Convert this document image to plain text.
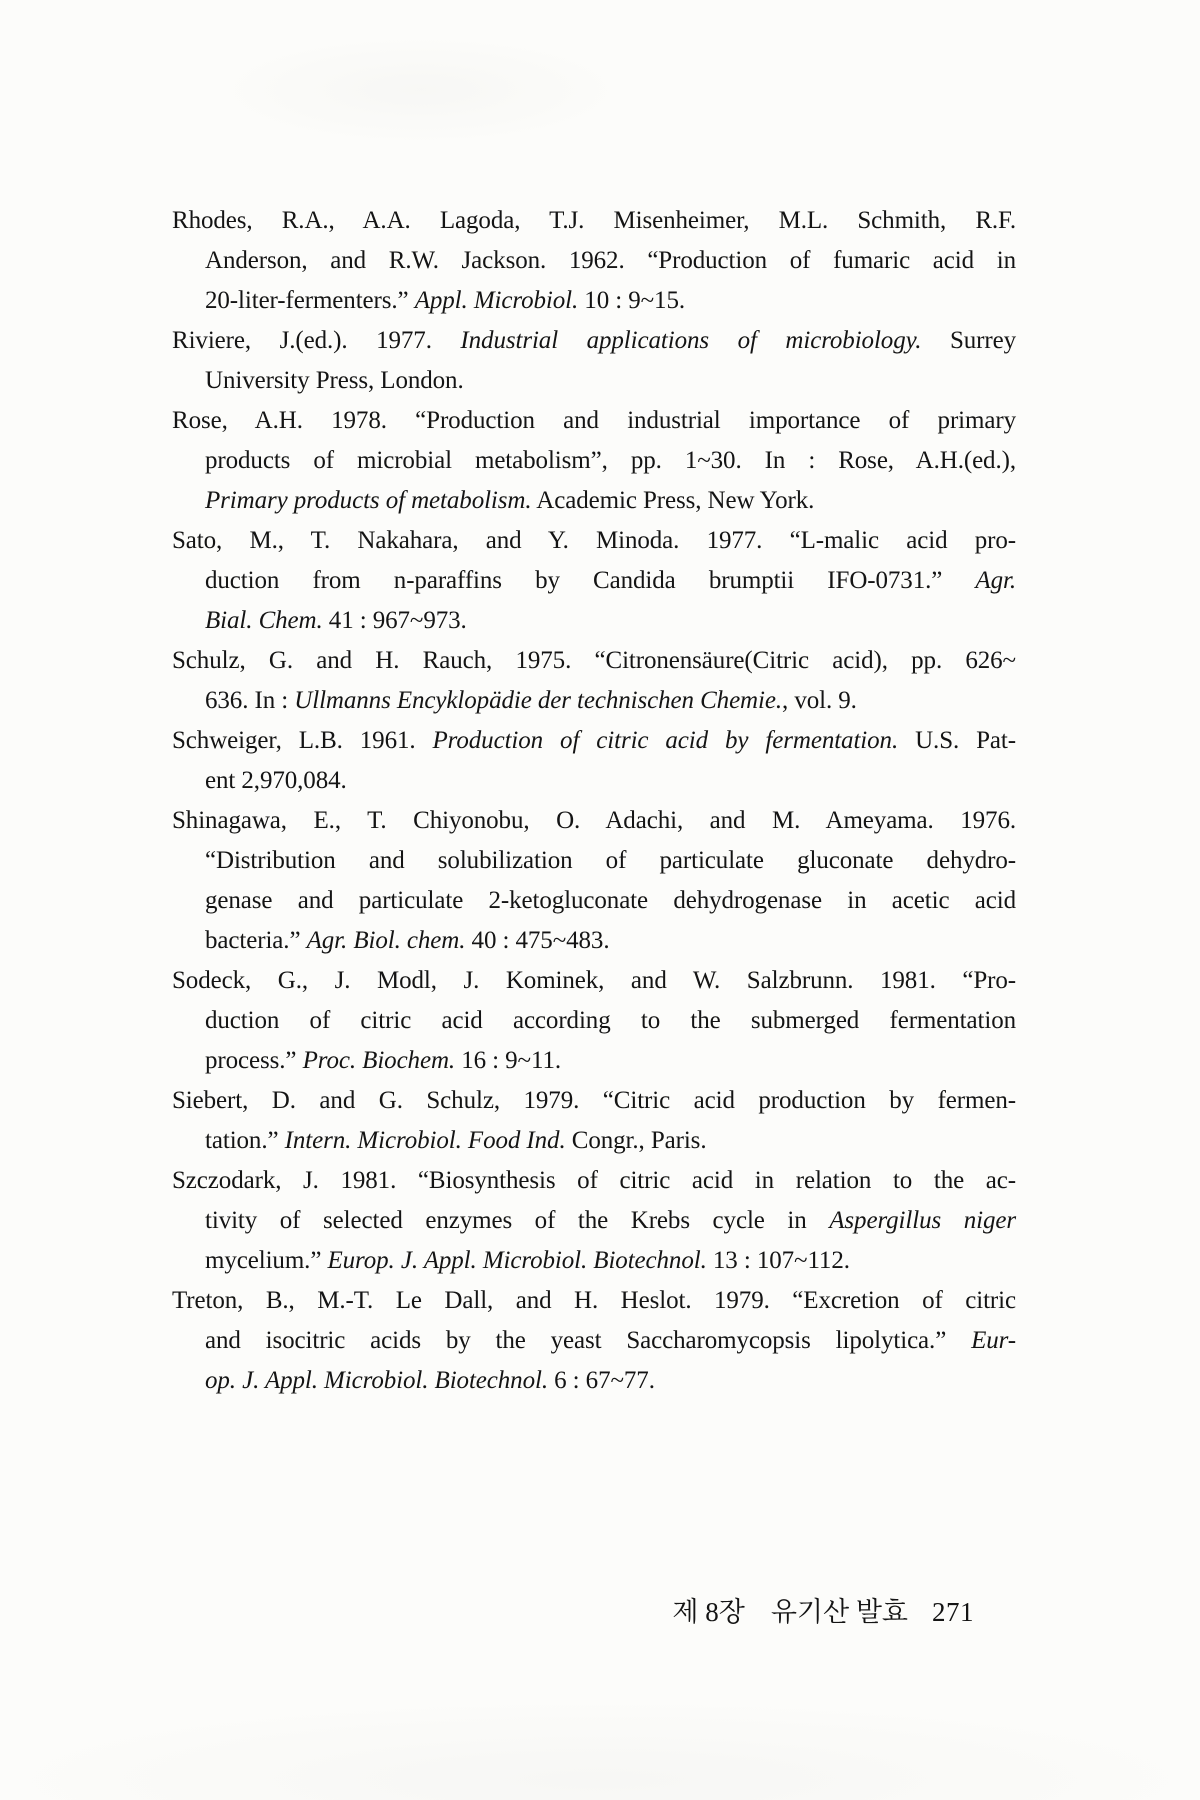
Rhodes, R.A., A.A. Lagoda, T.J. Misenheimer, M.L. Schmith, R.F.
Anderson, and R.W. Jackson. 1962. “Production of fumaric acid in
20-liter-fermenters.” Appl. Microbiol. 10 : 9~15.
Riviere, J.(ed.). 1977. Industrial applications of microbiology. Surrey
University Press, London.
Rose, A.H. 1978. “Production and industrial importance of primary
products of microbial metabolism”, pp. 1~30. In : Rose, A.H.(ed.),
Primary products of metabolism. Academic Press, New York.
Sato, M., T. Nakahara, and Y. Minoda. 1977. “L-malic acid pro-
duction from n-paraffins by Candida brumptii IFO-0731.” Agr.
Bial. Chem. 41 : 967~973.
Schulz, G. and H. Rauch, 1975. “Citronensäure(Citric acid), pp. 626~
636. In : Ullmanns Encyklopädie der technischen Chemie., vol. 9.
Schweiger, L.B. 1961. Production of citric acid by fermentation. U.S. Pat-
ent 2,970,084.
Shinagawa, E., T. Chiyonobu, O. Adachi, and M. Ameyama. 1976.
“Distribution and solubilization of particulate gluconate dehydro-
genase and particulate 2-ketogluconate dehydrogenase in acetic acid
bacteria.” Agr. Biol. chem. 40 : 475~483.
Sodeck, G., J. Modl, J. Kominek, and W. Salzbrunn. 1981. “Pro-
duction of citric acid according to the submerged fermentation
process.” Proc. Biochem. 16 : 9~11.
Siebert, D. and G. Schulz, 1979. “Citric acid production by fermen-
tation.” Intern. Microbiol. Food Ind. Congr., Paris.
Szczodark, J. 1981. “Biosynthesis of citric acid in relation to the ac-
tivity of selected enzymes of the Krebs cycle in Aspergillus niger
mycelium.” Europ. J. Appl. Microbiol. Biotechnol. 13 : 107~112.
Treton, B., M.-T. Le Dall, and H. Heslot. 1979. “Excretion of citric
and isocitric acids by the yeast Saccharomycopsis lipolytica.” Eur-
op. J. Appl. Microbiol. Biotechnol. 6 : 67~77.
제 8장 유기산 발효 271
